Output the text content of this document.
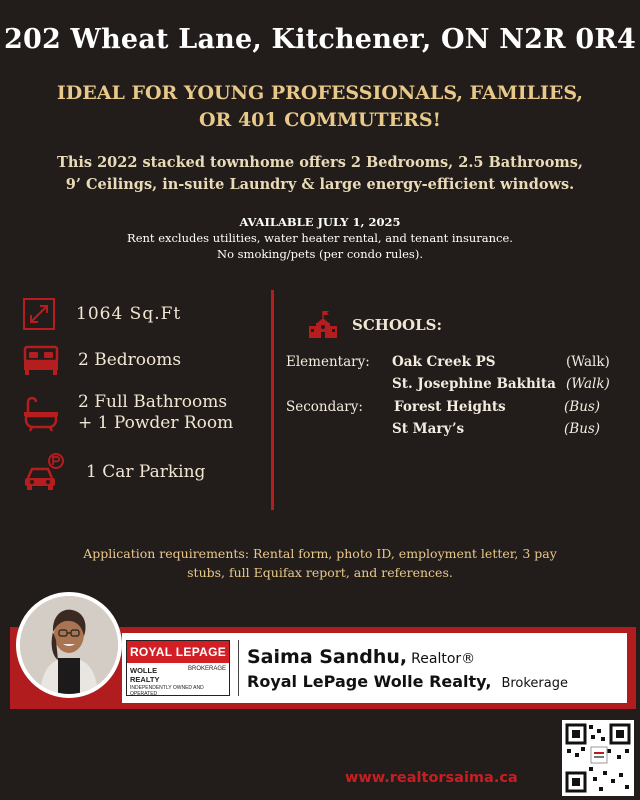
202 Wheat Lane, Kitchener, ON N2R 0R4
IDEAL FOR YOUNG PROFESSIONALS, FAMILIES,
OR 401 COMMUTERS!
This 2022 stacked townhome offers 2 Bedrooms, 2.5 Bathrooms,
9’ Ceilings, in-suite Laundry & large energy-efficient windows.
AVAILABLE JULY 1, 2025
Rent excludes utilities, water heater rental, and tenant insurance.
No smoking/pets (per condo rules).
1064 Sq.Ft
2 Bedrooms
2 Full Bathrooms
+ 1 Powder Room
1 Car Parking
SCHOOLS:
Elementary: Oak Creek PS	(Walk)
St. Josephine Bakhita (Walk)
Secondary: Forest Heights	(Bus)
St Mary’s	(Bus)
Application requirements: Rental form, photo ID, employment letter, 3 pay
stubs, full Equifax report, and references.
ROYAL LEPAGE
WOLLE REALTY
BROKERAGE
INDEPENDENTLY OWNED AND OPERATED
Saima Sandhu, Realtor®
Royal LePage Wolle Realty, Brokerage
www.realtorsaima.ca
